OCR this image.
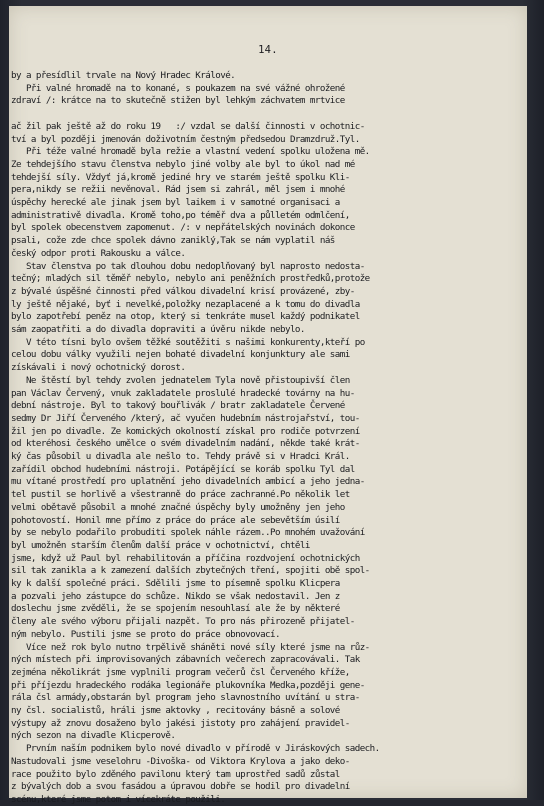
14.
by a přesídlil trvale na Nový Hradec Králové.
Při valné hromadě na to konané, s poukazem na své vážné ohrožené
zdraví /: krátce na to skutečně stižen byl lehkým záchvatem mrtvice
ač žil pak ještě až do roku 19   :/ vzdal se další činnosti v ochotnic-
tví a byl později jmenován doživotním čestným předsedou Dramzdruž.Tyl.
Při téže valné hromadě byla režie a vlastní vedení spolku uložena mě.
Ze tehdejšího stavu členstva nebylo jiné volby ale byl to úkol nad mé
tehdejší síly. Vždyť já,kromě jediné hry ve starém ještě spolku Kli-
pera,nikdy se režii nevěnoval. Rád jsem si zahrál, měl jsem i mnohé
úspěchy herecké ale jinak jsem byl laikem i v samotné organisaci a
administrativě divadla. Kromě toho,po téměř dva a půlletém odmlčení,
byl spolek obecenstvem zapomenut. /: v nepřátelských novinách dokonce
psali, cože zde chce spolek dávno zaniklý,Tak se nám vyplatil náš
český odpor proti Rakousku a válce.
Stav členstva po tak dlouhou dobu nedoplňovaný byl naprosto nedosta-
tečný; mladých sil těměř nebylo, nebylo ani peněžních prostředků,protože
z bývalé úspěšné činnosti před válkou divadelní krisí provázené, zby-
ly ještě nějaké, byť i nevelké,položky nezaplacené a k tomu do divadla
bylo zapotřebí peněz na otop, který si tenkráte musel každý podnikatel
sám zaopatřiti a do divadla dopraviti a úvěru nikde nebylo.
V této tísni bylo ovšem těžké soutěžiti s našimi konkurenty,kteří po
celou dobu války využili nejen bohaté divadelní konjunktury ale sami
získávali i nový ochotnický dorost.
Ne štěstí byl tehdy zvolen jednatelem Tyla nově přistoupivší člen
pan Václav Červený, vnuk zakladatele proslulé hradecké továrny na hu-
dební nástroje. Byl to takový bouřlivák / bratr zakladatele Červené
sedmy Dr Jiří Červeného /který, ač vyučen hudebním nástrojařství, tou-
žil jen po divadle. Ze komických okolností získal pro rodiče potvrzení
od kteréhosi českého umělce o svém divadelním nadání, někde také krát-
ký čas působil u divadla ale nešlo to. Tehdy právě si v Hradci Král.
zařídil obchod hudebními nástroji. Potápějící se koráb spolku Tyl dal
mu vítané prostředí pro uplatnění jeho divadelních ambicí a jeho jedna-
tel pustil se horlivě a všestranně do práce zachranné.Po několik let
velmi obětavě působil a mnohé značné úspěchy byly umožněny jen jeho
pohotovostí. Honil mne přímo z práce do práce ale sebevětším úsilí
by se nebylo podařilo probuditi spolek náhle rázem..Po mnohém uvažování
byl umožněn starším členům další práce v ochotnictví, chtěli
jsme, když už Paul byl rehabilitován a příčina rozdvojení ochotnických
sil tak zanikla a k zamezení dalších zbytečných tření, spojiti obě spol-
ky k další společné práci. Sdělili jsme to písemně spolku Klicpera
a pozvali jeho zástupce do schůze. Nikdo se však nedostavil. Jen z
doslechu jsme zvěděli, že se spojením nesouhlasí ale že by některé
členy ale svého výboru přijali nazpět. To pro nás přirozeně přijatel-
ným nebylo. Pustili jsme se proto do práce obnovovací.
Více než rok bylo nutno trpělivě sháněti nové síly které jsme na růz-
ných místech při improvisovaných zábavních večerech zapracovávali. Tak
zejména několikrát jsme vyplnili program večerů čsl Červeného kříže,
při příjezdu hradeckého rodáka legionáře plukovníka Medka,později gene-
rála čsl armády,obstarán byl program jeho slavnostního uvítání u stra-
ny čsl. socialistů, hráli jsme aktovky , recitovány básně a solové
výstupy až znovu dosaženo bylo jakési jistoty pro zahájení pravidel-
ných sezon na divadle Klicperově.
Prvním naším podnikem bylo nové divadlo v přírodě v Jiráskových sadech.
Nastudovali jsme veselohru -Divoška- od Viktora Krylova a jako deko-
race použito bylo zděného pavilonu který tam uprostřed sadů zůstal
z bývalých dob a svou fasádou a úpravou dobře se hodil pro divadelní
scénu,které jsme potom i vícekráte použili.
